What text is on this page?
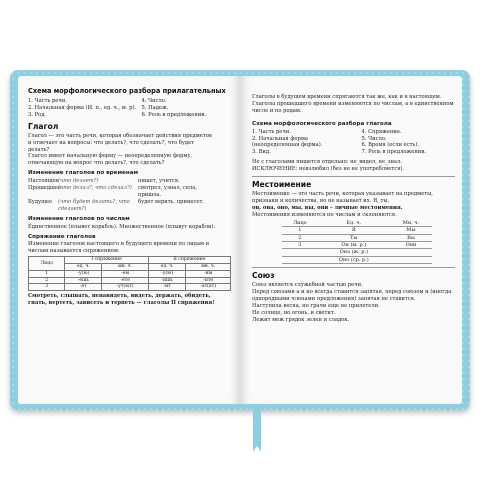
Схема морфологического разбора прилагательных
1. Часть речи.
2. Начальная форма (И. п., ед. ч., м. р).
3. Род.
4. Число.
5. Падеж.
6. Роль в предложении.
Глагол
Глагол — это часть речи, которая обозначает действия предметов
и отвечает на вопросы: что делать?, что сделать?, что будет
делать?
Глагол имеет начальную форму — неопределенную форму,
отвечающую на вопрос что делать?, что сделать?
Изменение глаголов по временам
Настоящее (что делает?)	пишет, учится.
Прошедшее
(что делал?, что сделал?)	смотрел, узнал, села,
пришла.
Будущее	(что будет делать?, что сделает?)
будет верить, принесет.
Изменение глаголов по числам
Единственное (плывет корабль). Множественное (плывут корабли).
Спряжение глаголов
Изменение глаголов настоящего и будущего времени по лицам и
числам называется спряжением.
Лицо	I спряжение		II спряжение	
	ед. ч.	мн. ч.	ед. ч.	мн. ч.
1	-у(ю)	-ем	-у(ю)	-им
2	-ешь	-ете	-ишь	-ите
3	-ет	-ут(ют)	-ит	-ат(ят)
Смотреть, слышать, ненавидеть, видеть, держать, обидеть,
гнать, вертеть, зависеть и терпеть — глаголы II спряжения!
Глаголы в будущем времени спрягаются так же, как и в настоящем.
Глаголы прошедшего времени изменяются по числам, а в единственном
числе и по родам.
Схема морфологического разбора глагола
1. Часть речи.
2. Начальная форма
(неопределенная форма).
3. Вид.
4. Спряжение.
5. Число.
6. Время (если есть).
7. Роль в предложении.
Не с глаголами пишется отдельно: не_видел, не_знал.
ИСКЛЮЧЕНИЕ: невзлюбил (без не не употребляется).
Местоимение
Местоимение — это часть речи, которая указывает на предметы,
признаки и количества, но не называет их. Я, ты,
он, она, оно, мы, вы, они – личные местоимения.
Местоимения изменяются по числам и склоняются.
Лицо	Ед. ч.	Мн. ч.
1	Я	Мы
2	Ты	Вы
3	Он (м. р.)	Они
	Она (ж. р.)	
	Оно (ср. р.)	
Союз
Союз является служебной частью речи.
Перед союзами а и но всегда ставится запятая, перед союзом и (иногда
однородными членами предложения) запятая не ставится.
Наступила весна, но грачи еще не прилетели.
Не солнце, но огонь, и светит.
Лежит меж грядок зелен и сладок.
